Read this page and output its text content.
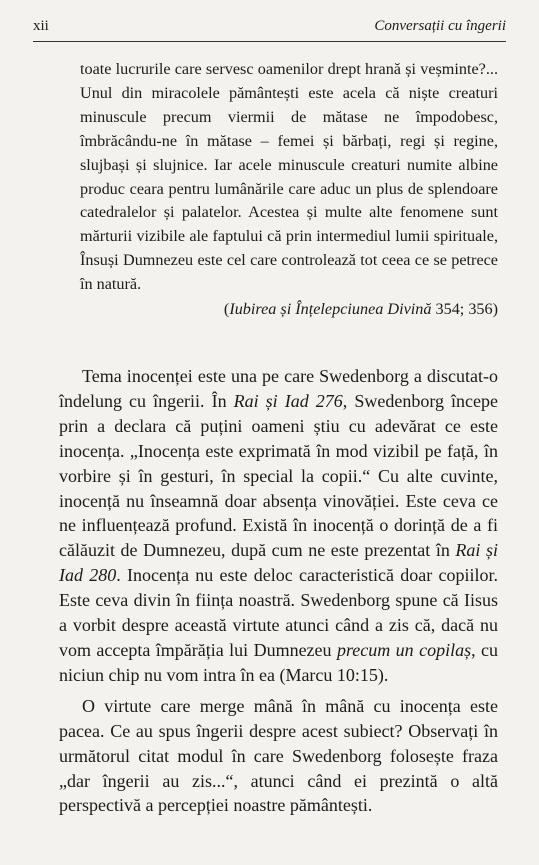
xii	Conversații cu îngerii
toate lucrurile care servesc oamenilor drept hrană și veșminte?... Unul din miracolele pământești este acela că niște creaturi minuscule precum viermii de mătase ne împodobesc, îmbrăcându-ne în mătase – femei și bărbați, regi și regine, slujbași și slujnice. Iar acele minuscule creaturi numite albine produc ceara pentru lumânările care aduc un plus de splendoare catedralelor și palatelor. Acestea și multe alte fenomene sunt mărturii vizibile ale faptului că prin intermediul lumii spirituale, Însuși Dumnezeu este cel care controlează tot ceea ce se petrece în natură.
(Iubirea și Înțelepciunea Divină 354; 356)

Tema inocenței este una pe care Swedenborg a discutat-o îndelung cu îngerii. În Rai și Iad 276, Swedenborg începe prin a declara că puțini oameni știu cu adevărat ce este inocența. „Inocența este exprimată în mod vizibil pe față, în vorbire și în gesturi, în special la copii.“ Cu alte cuvinte, inocență nu înseamnă doar absența vinovăției. Este ceva ce ne influențează profund. Există în inocență o dorință de a fi călăuzit de Dumnezeu, după cum ne este prezentat în Rai și Iad 280. Inocența nu este deloc caracteristică doar copiilor. Este ceva divin în ființa noastră. Swedenborg spune că Iisus a vorbit despre această virtute atunci când a zis că, dacă nu vom accepta împărăția lui Dumnezeu precum un copilaș, cu niciun chip nu vom intra în ea (Marcu 10:15).

O virtute care merge mână în mână cu inocența este pacea. Ce au spus îngerii despre acest subiect? Observați în următorul citat modul în care Swedenborg folosește fraza „dar îngerii au zis...“, atunci când ei prezintă o altă perspectivă a percepției noastre pământești.
